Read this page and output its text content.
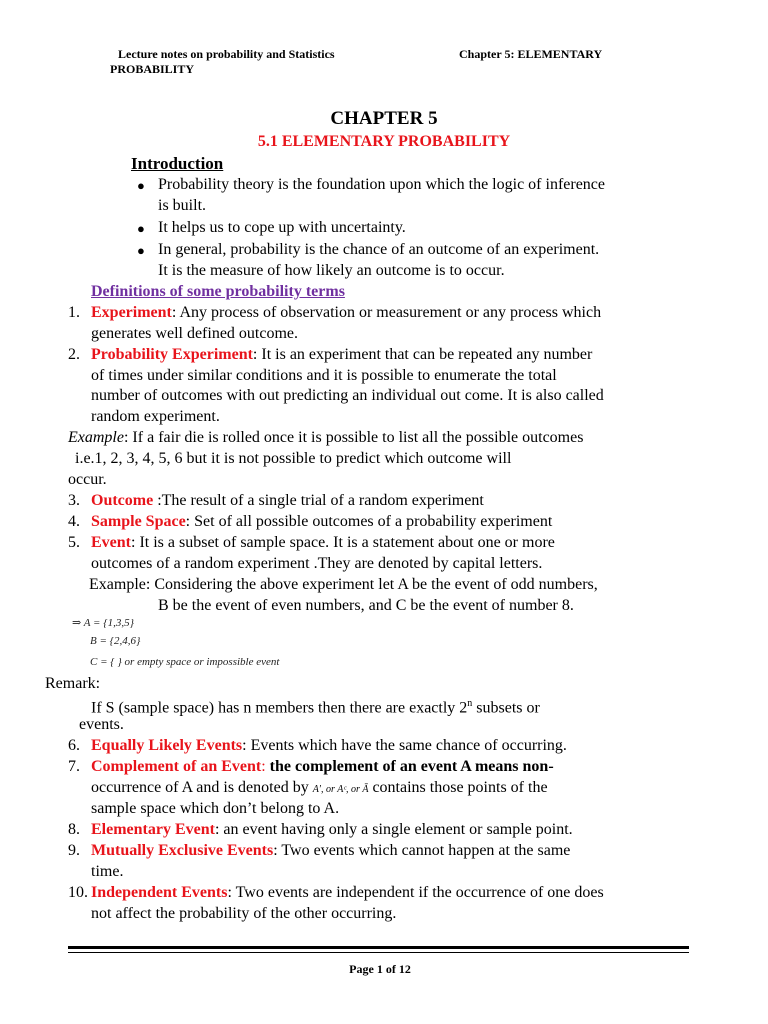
Lecture notes on probability and Statistics
PROBABILITY
Chapter 5: ELEMENTARY
CHAPTER 5
5.1 ELEMENTARY PROBABILITY
Introduction
● Probability theory is the foundation upon which the logic of inference
is built.
● It helps us to cope up with uncertainty.
● In general, probability is the chance of an outcome of an experiment.
It is the measure of how likely an outcome is to occur.
Definitions of some probability terms
1. Experiment: Any process of observation or measurement or any process which
generates well defined outcome.
2. Probability Experiment: It is an experiment that can be repeated any number
of times under similar conditions and it is possible to enumerate the total
number of outcomes with out predicting an individual out come. It is also called
random experiment.
Example: If a fair die is rolled once it is possible to list all the possible outcomes
i.e.1, 2, 3, 4, 5, 6 but it is not possible to predict which outcome will
occur.
3. Outcome :The result of a single trial of a random experiment
4. Sample Space: Set of all possible outcomes of a probability experiment
5. Event: It is a subset of sample space. It is a statement about one or more
outcomes of a random experiment .They are denoted by capital letters.
Example: Considering the above experiment let A be the event of odd numbers,
B be the event of even numbers, and C be the event of number 8.
⇒ A = {1,3,5}
B = {2,4,6}
C = { } or empty space or impossible event
Remark:
If S (sample space) has n members then there are exactly 2$^n$ subsets or
events.
6. Equally Likely Events: Events which have the same chance of occurring.
7. Complement of an Event: the complement of an event A means non-
occurrence of A and is denoted by A′, or Aᶜ, or Ā contains those points of the
sample space which don’t belong to A.
8. Elementary Event: an event having only a single element or sample point.
9. Mutually Exclusive Events: Two events which cannot happen at the same
time.
10. Independent Events: Two events are independent if the occurrence of one does
not affect the probability of the other occurring.
Page 1 of 12
